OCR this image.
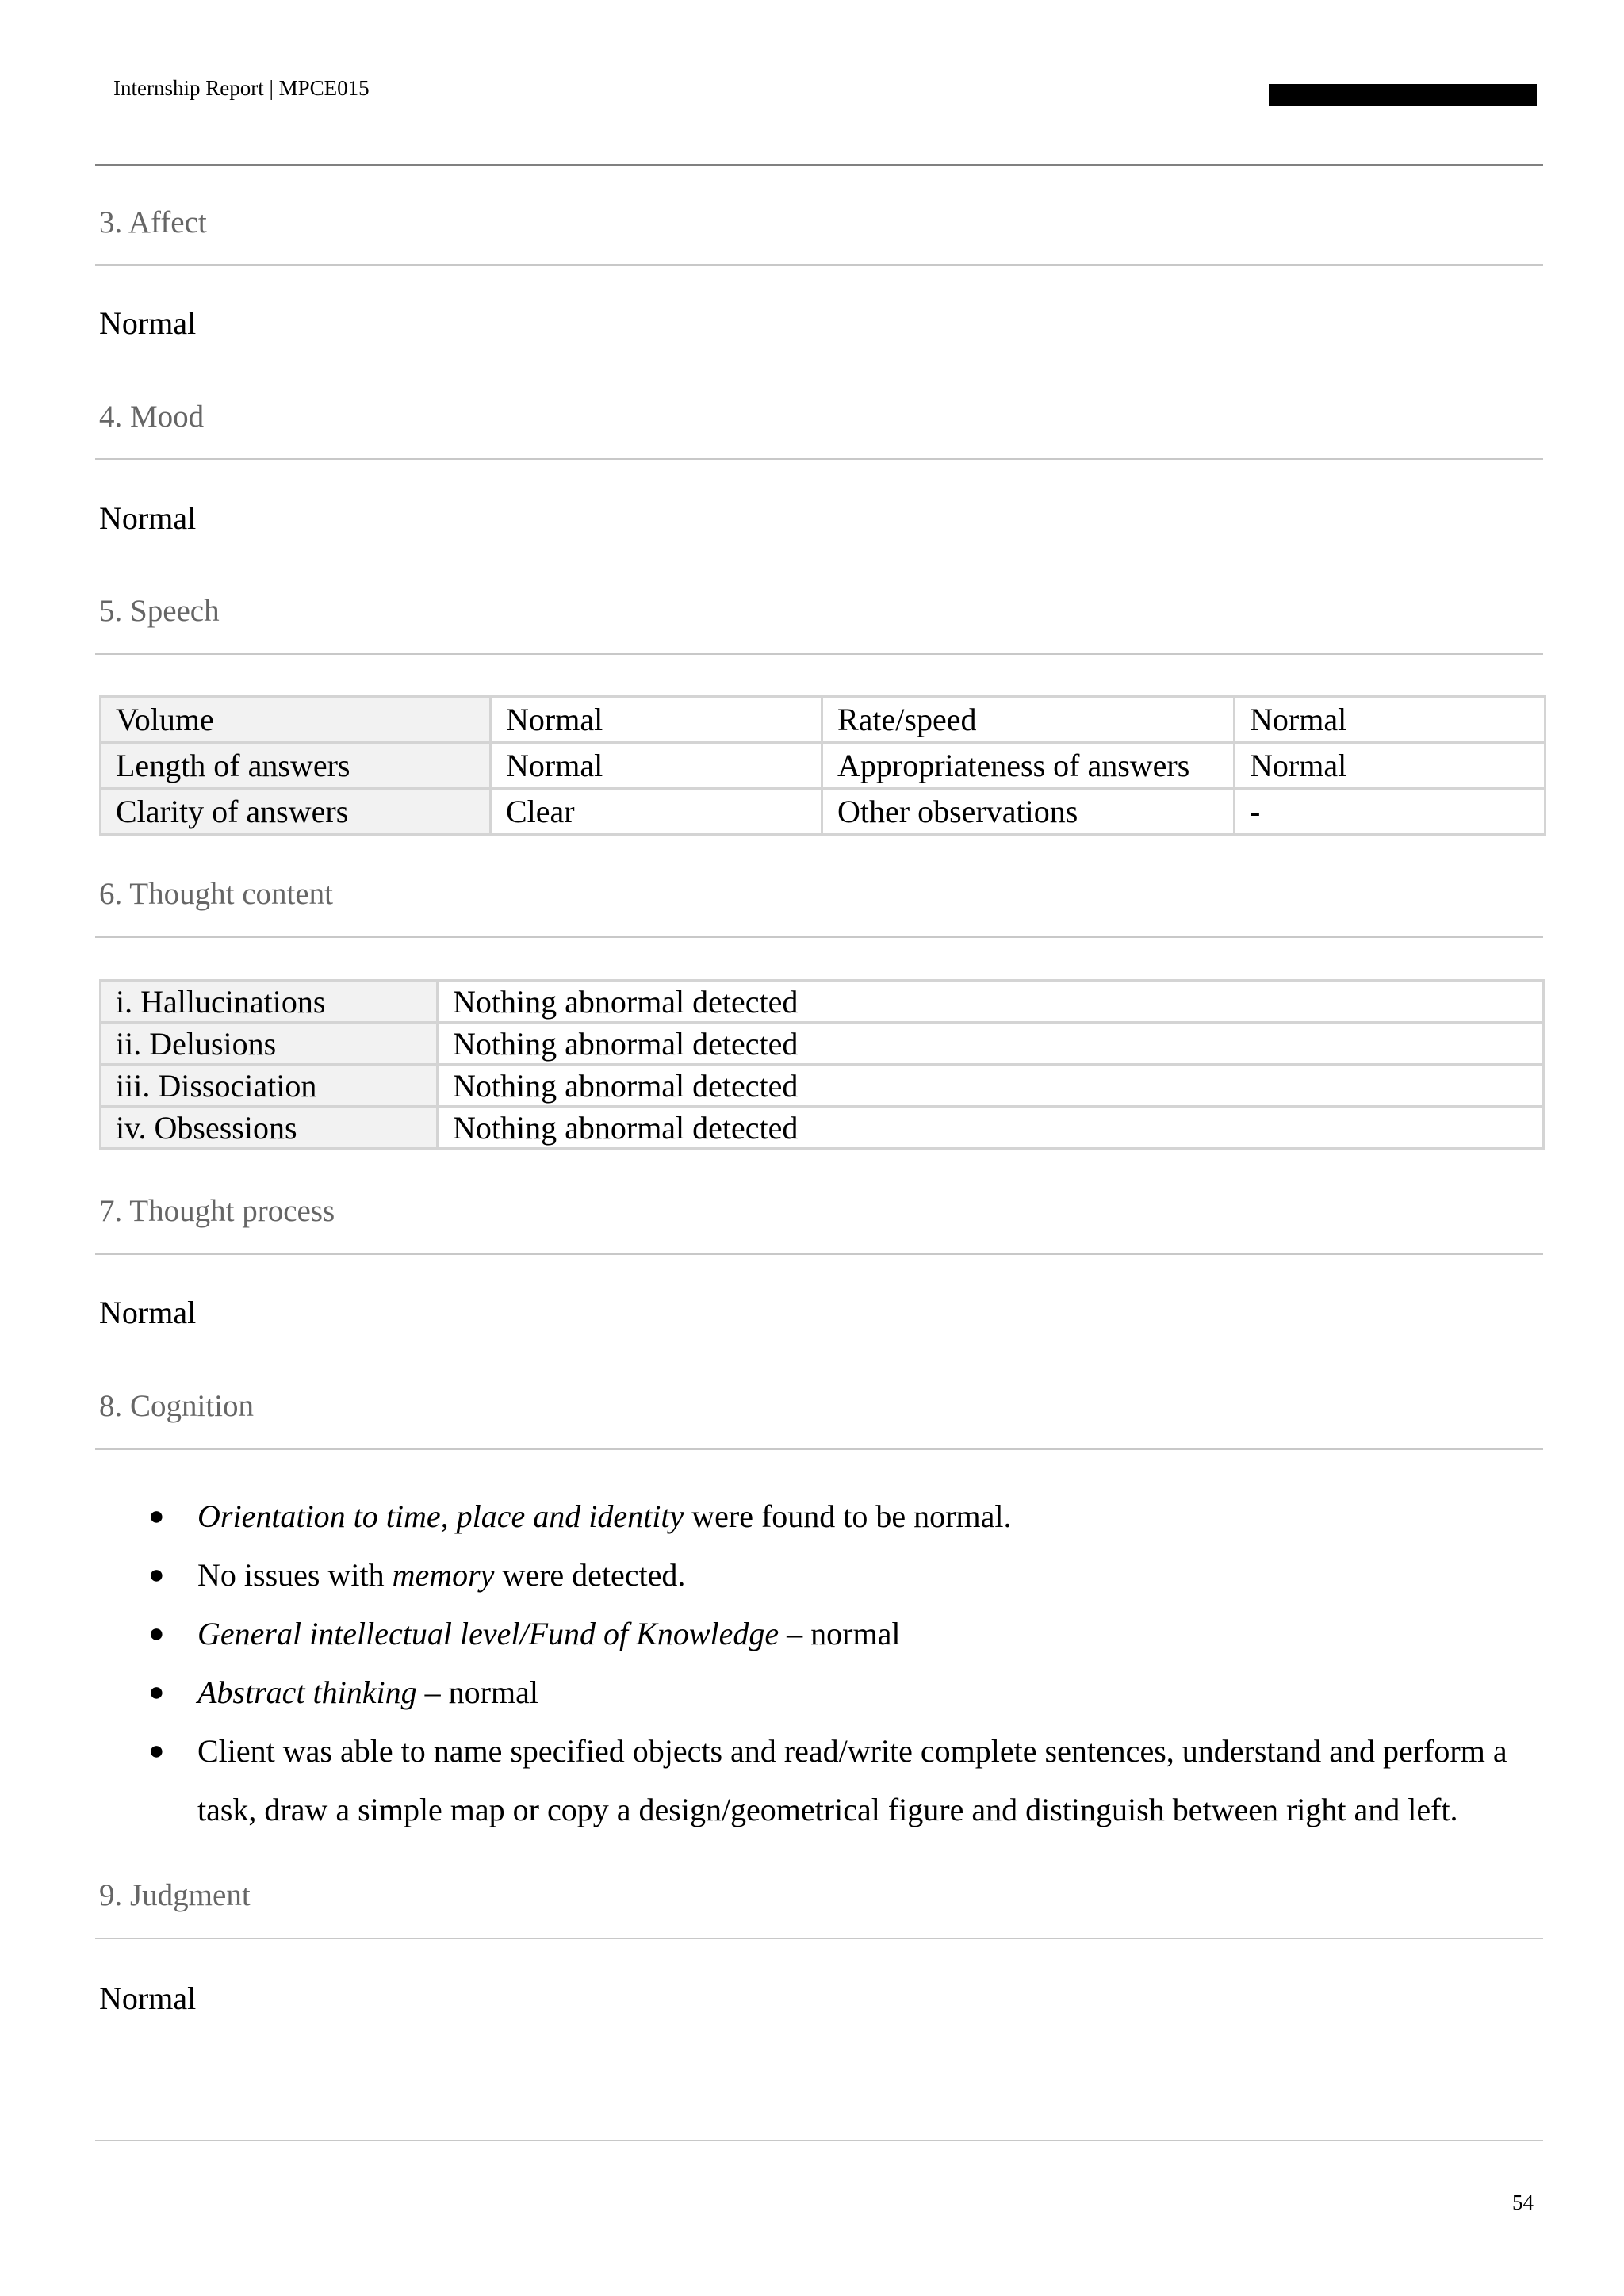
Internship Report | MPCE015
3. Affect
Normal
4. Mood
Normal
5. Speech
Volume	Normal	Rate/speed	Normal
Length of answers	Normal	Appropriateness of answers	Normal
Clarity of answers	Clear	Other observations	-
6. Thought content
i. Hallucinations	Nothing abnormal detected
ii. Delusions	Nothing abnormal detected
iii. Dissociation	Nothing abnormal detected
iv. Obsessions	Nothing abnormal detected
7. Thought process
Normal
8. Cognition
● Orientation to time, place and identity were found to be normal.
● No issues with memory were detected.
● General intellectual level/Fund of Knowledge – normal
● Abstract thinking – normal
● Client was able to name specified objects and read/write complete sentences, understand and perform a task, draw a simple map or copy a design/geometrical figure and distinguish between right and left.
9. Judgment
Normal
54
